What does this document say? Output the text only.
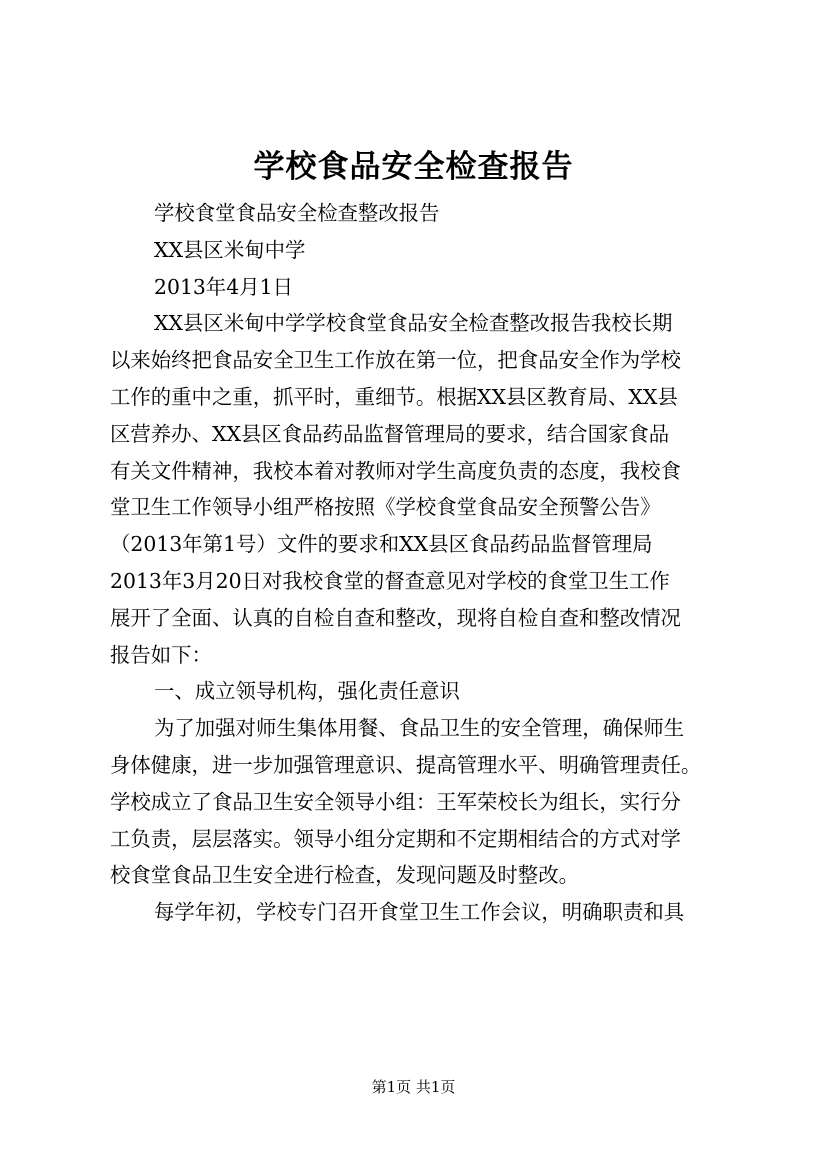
学校食品安全检查报告
学校食堂食品安全检查整改报告
XX县区米甸中学
2013年4月1日
XX县区米甸中学学校食堂食品安全检查整改报告我校长期
以来始终把食品安全卫生工作放在第一位，把食品安全作为学校
工作的重中之重，抓平时，重细节。根据XX县区教育局、XX县
区营养办、XX县区食品药品监督管理局的要求，结合国家食品
有关文件精神，我校本着对教师对学生高度负责的态度，我校食
堂卫生工作领导小组严格按照《学校食堂食品安全预警公告》
（2013年第1号）文件的要求和XX县区食品药品监督管理局
2013年3月20日对我校食堂的督查意见对学校的食堂卫生工作
展开了全面、认真的自检自查和整改，现将自检自查和整改情况
报告如下：
一、成立领导机构，强化责任意识
为了加强对师生集体用餐、食品卫生的安全管理，确保师生
身体健康，进一步加强管理意识、提高管理水平、明确管理责任。
学校成立了食品卫生安全领导小组：王军荣校长为组长，实行分
工负责，层层落实。领导小组分定期和不定期相结合的方式对学
校食堂食品卫生安全进行检查，发现问题及时整改。
每学年初，学校专门召开食堂卫生工作会议，明确职责和具
第1页 共1页
